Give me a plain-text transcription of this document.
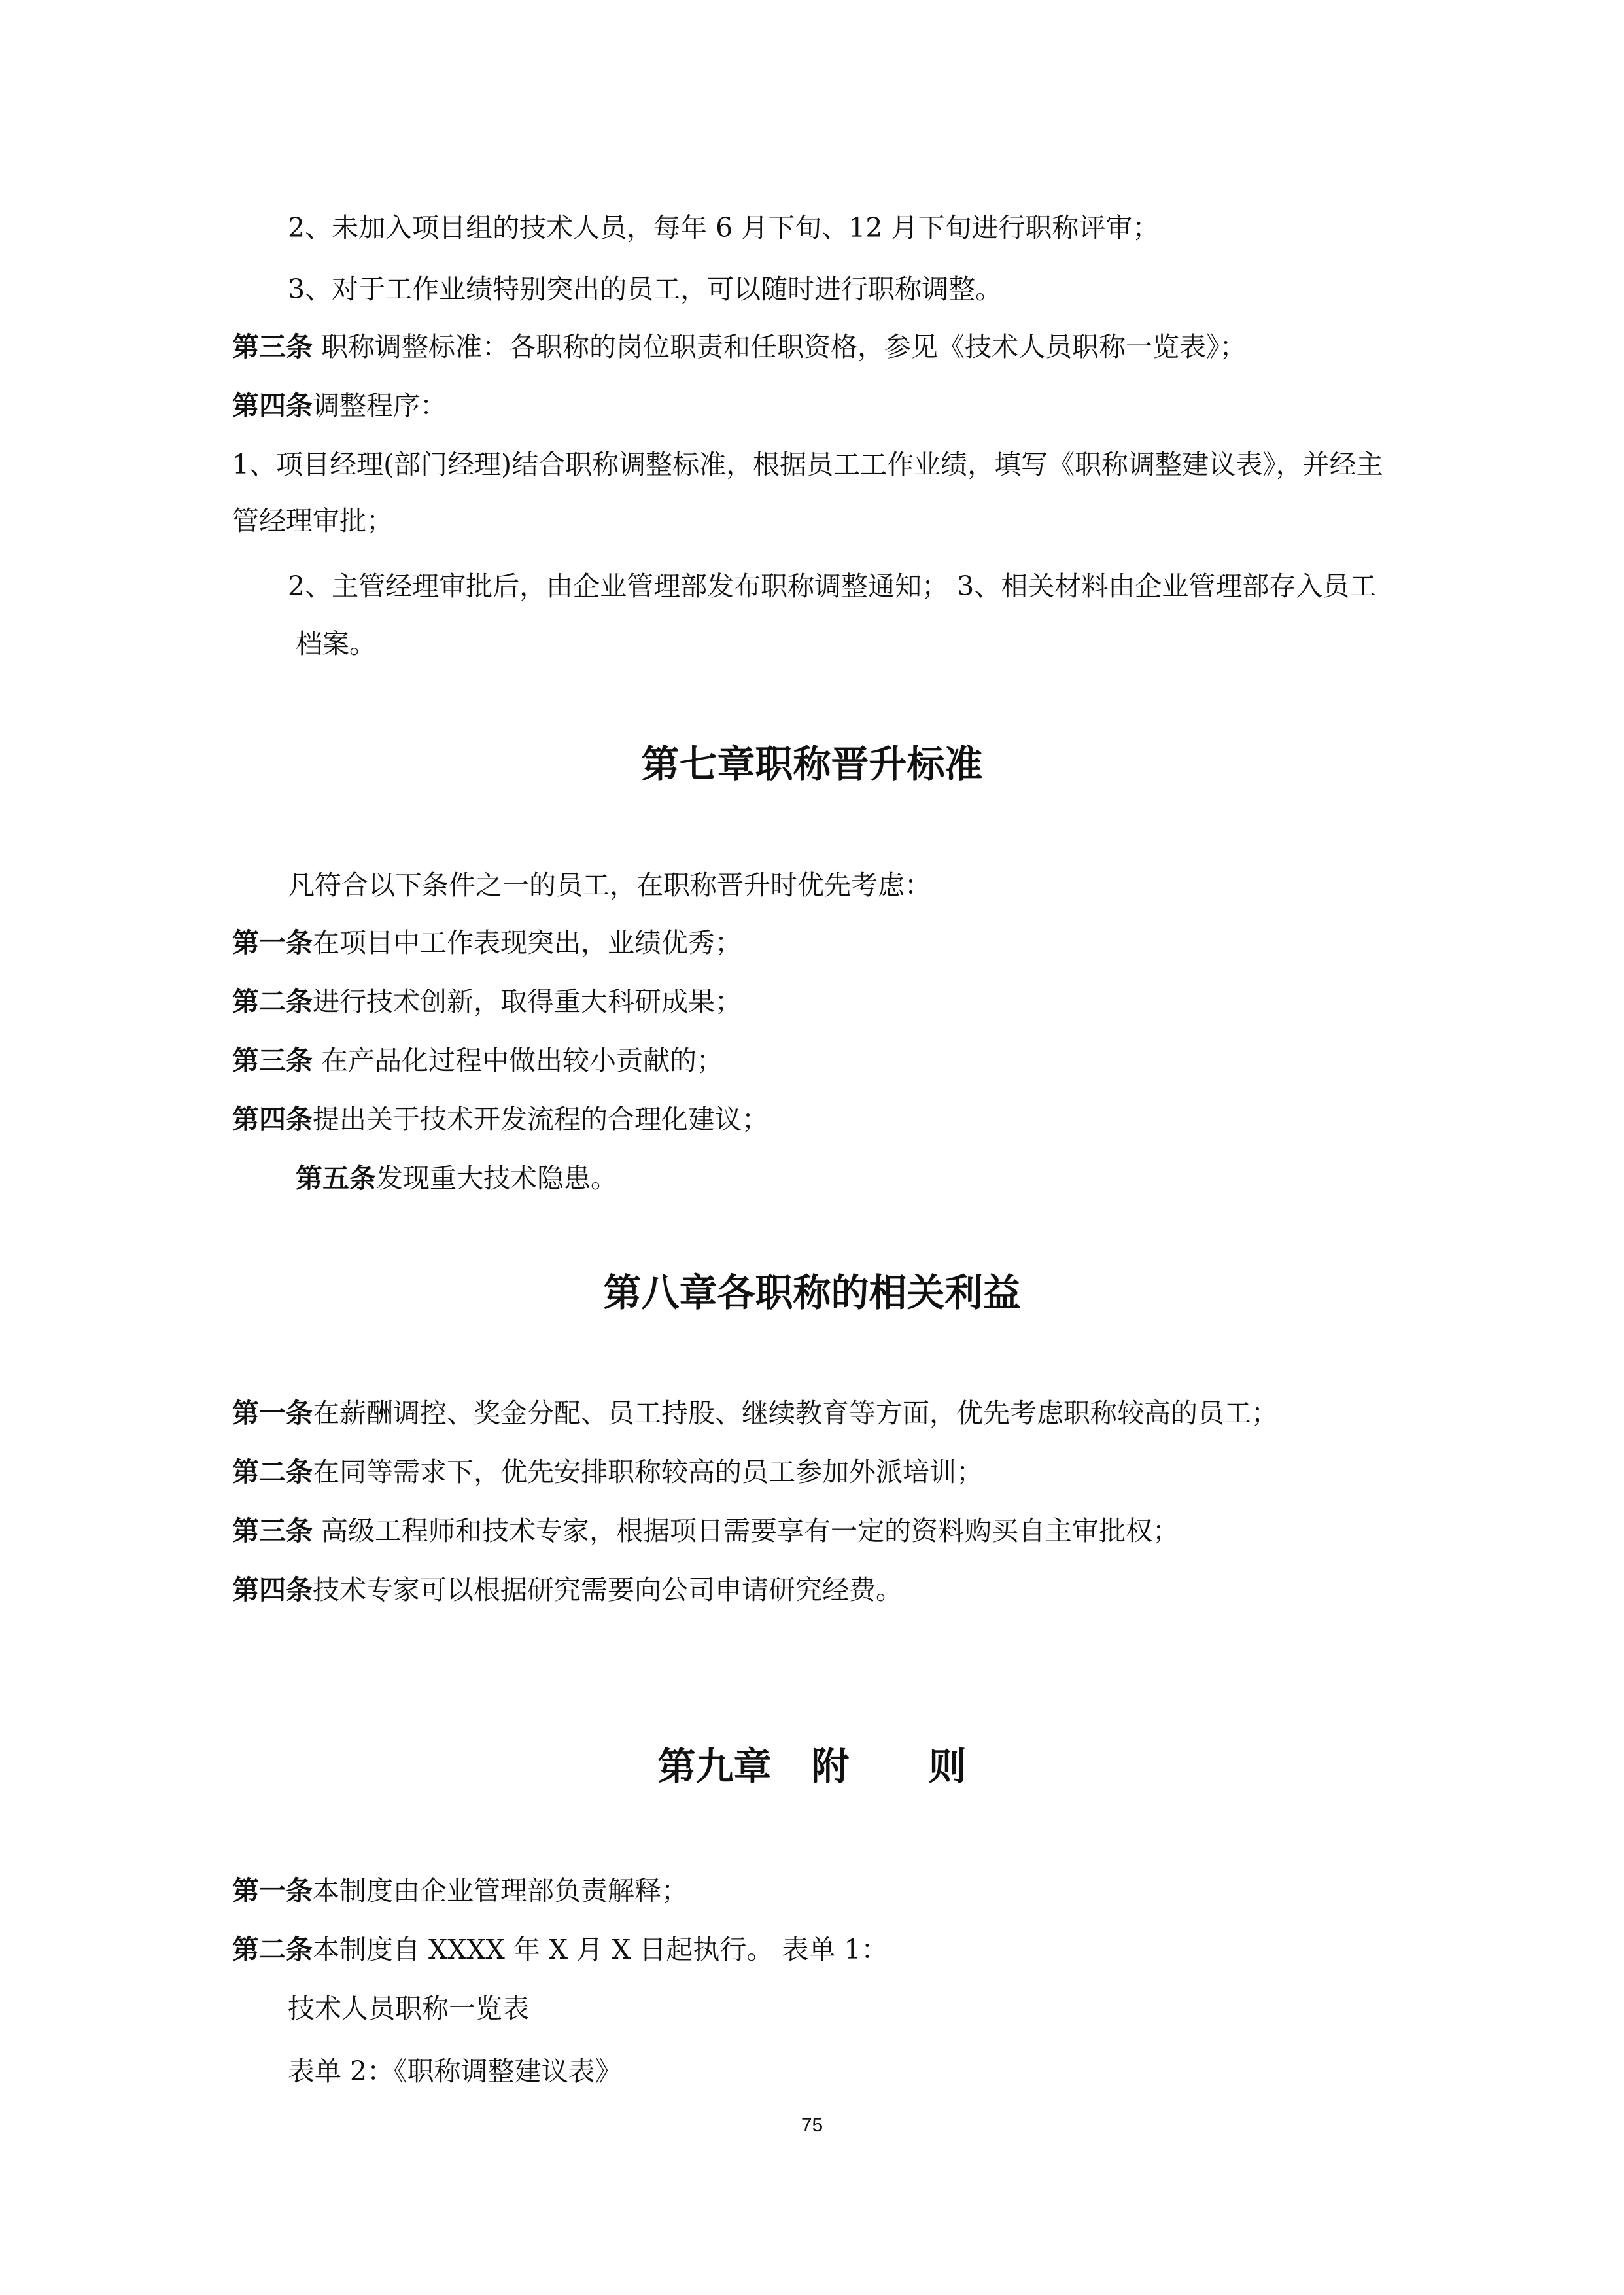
2、未加入项目组的技术人员，每年 6 月下旬、12 月下旬进行职称评审；
3、对于工作业绩特别突出的员工，可以随时进行职称调整。
第三条 职称调整标准：各职称的岗位职责和任职资格，参见《技术人员职称一览表》；
第四条调整程序：
1、项目经理(部门经理)结合职称调整标准，根据员工工作业绩，填写《职称调整建议表》，并经主
管经理审批；
2、主管经理审批后，由企业管理部发布职称调整通知； 3、相关材料由企业管理部存入员工
档案。
第七章职称晋升标准
凡符合以下条件之一的员工，在职称晋升时优先考虑：
第一条在项目中工作表现突出，业绩优秀；
第二条进行技术创新，取得重大科研成果；
第三条 在产品化过程中做出较小贡献的；
第四条提出关于技术开发流程的合理化建议；
第五条发现重大技术隐患。
第八章各职称的相关利益
第一条在薪酬调控、奖金分配、员工持股、继续教育等方面，优先考虑职称较高的员工；
第二条在同等需求下，优先安排职称较高的员工参加外派培训；
第三条 高级工程师和技术专家，根据项日需要享有一定的资料购买自主审批权；
第四条技术专家可以根据研究需要向公司申请研究经费。
第九章   附      则
第一条本制度由企业管理部负责解释；
第二条本制度自 XXXX 年 X 月 X 日起执行。 表单 1：
技术人员职称一览表
表单 2：《职称调整建议表》
75
